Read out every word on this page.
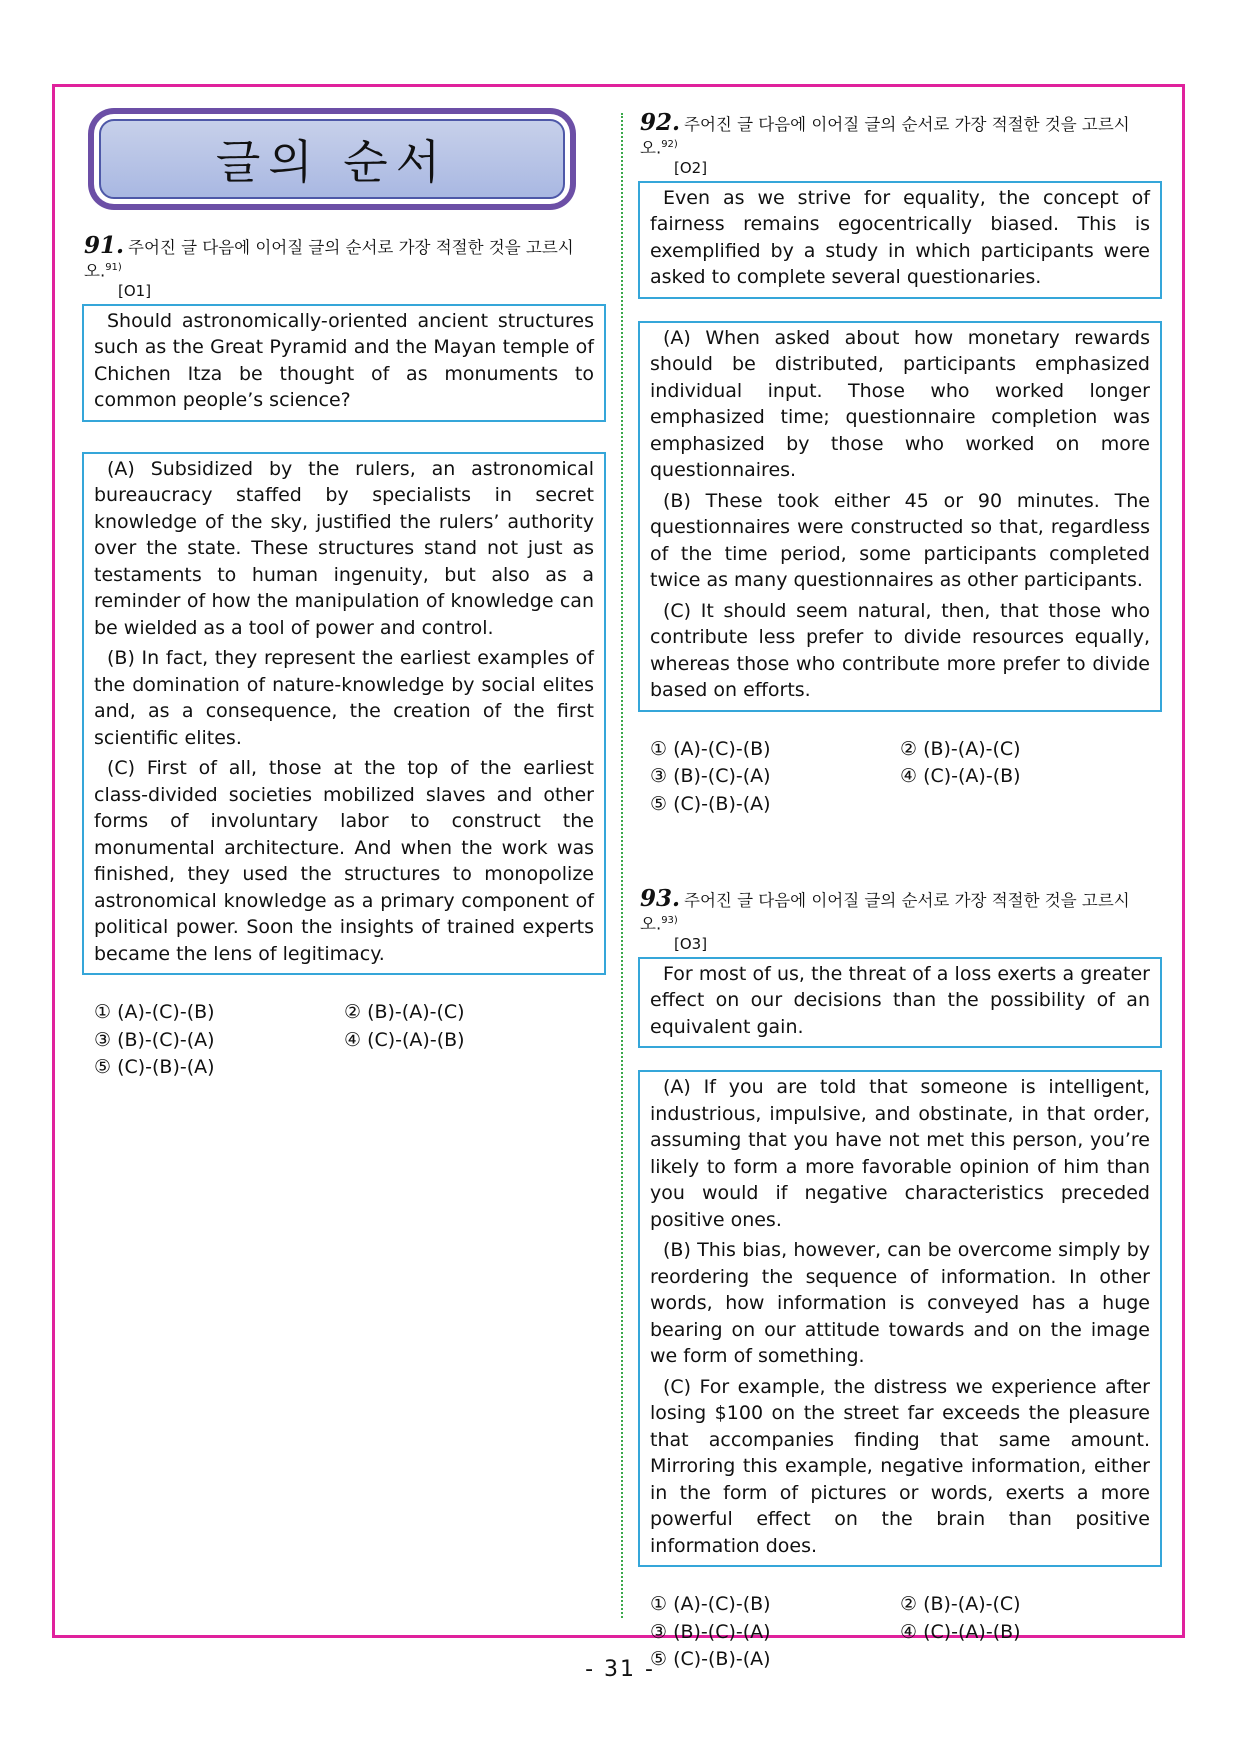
글의 순서
91. 주어진 글 다음에 이어질 글의 순서로 가장 적절한 것을 고르시오.$^{91)}$
[O1]

Should astronomically-oriented ancient structures such as the Great Pyramid and the Mayan temple of Chichen Itza be thought of as monuments to common people’s science?

(A) Subsidized by the rulers, an astronomical bureaucracy staffed by specialists in secret knowledge of the sky, justified the rulers’ authority over the state. These structures stand not just as testaments to human ingenuity, but also as a reminder of how the manipulation of knowledge can be wielded as a tool of power and control.

(B) In fact, they represent the earliest examples of the domination of nature-knowledge by social elites and, as a consequence, the creation of the first scientific elites.

(C) First of all, those at the top of the earliest class-divided societies mobilized slaves and other forms of involuntary labor to construct the monumental architecture. And when the work was finished, they used the structures to monopolize astronomical knowledge as a primary component of political power. Soon the insights of trained experts became the lens of legitimacy.

① (A)-(C)-(B)	② (B)-(A)-(C)
③ (B)-(C)-(A)	④ (C)-(A)-(B)
⑤ (C)-(B)-(A)
92. 주어진 글 다음에 이어질 글의 순서로 가장 적절한 것을 고르시오.$^{92)}$
[O2]

Even as we strive for equality, the concept of fairness remains egocentrically biased. This is exemplified by a study in which participants were asked to complete several questionaries.

(A) When asked about how monetary rewards should be distributed, participants emphasized individual input. Those who worked longer emphasized time; questionnaire completion was emphasized by those who worked on more questionnaires.

(B) These took either 45 or 90 minutes. The questionnaires were constructed so that, regardless of the time period, some participants completed twice as many questionnaires as other participants.

(C) It should seem natural, then, that those who contribute less prefer to divide resources equally, whereas those who contribute more prefer to divide based on efforts.

① (A)-(C)-(B)	② (B)-(A)-(C)
③ (B)-(C)-(A)	④ (C)-(A)-(B)
⑤ (C)-(B)-(A)
93. 주어진 글 다음에 이어질 글의 순서로 가장 적절한 것을 고르시오.$^{93)}$
[O3]

For most of us, the threat of a loss exerts a greater effect on our decisions than the possibility of an equivalent gain.

(A) If you are told that someone is intelligent, industrious, impulsive, and obstinate, in that order, assuming that you have not met this person, you’re likely to form a more favorable opinion of him than you would if negative characteristics preceded positive ones.

(B) This bias, however, can be overcome simply by reordering the sequence of information. In other words, how information is conveyed has a huge bearing on our attitude towards and on the image we form of something.

(C) For example, the distress we experience after losing $100 on the street far exceeds the pleasure that accompanies finding that same amount. Mirroring this example, negative information, either in the form of pictures or words, exerts a more powerful effect on the brain than positive information does.

① (A)-(C)-(B)	② (B)-(A)-(C)
③ (B)-(C)-(A)	④ (C)-(A)-(B)
⑤ (C)-(B)-(A)
- 31 -
